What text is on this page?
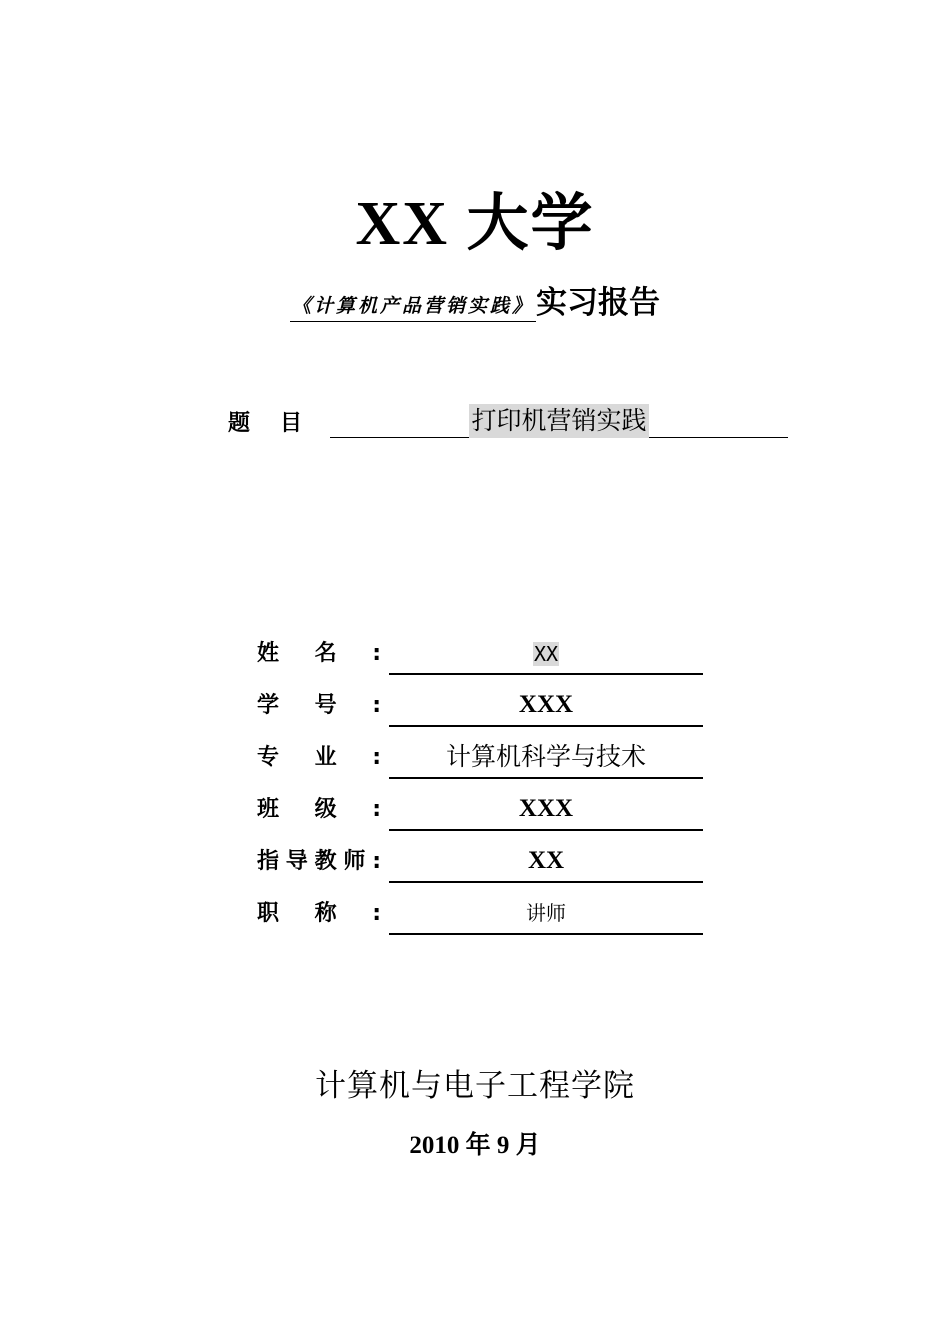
XX 大学
《计算机产品营销实践》实习报告
题目	打印机营销实践
姓名:	XX
学号:	XXX
专业:	计算机科学与技术
班级:	XXX
指导教师:	XX
职称:	讲师
计算机与电子工程学院
2010 年 9 月
